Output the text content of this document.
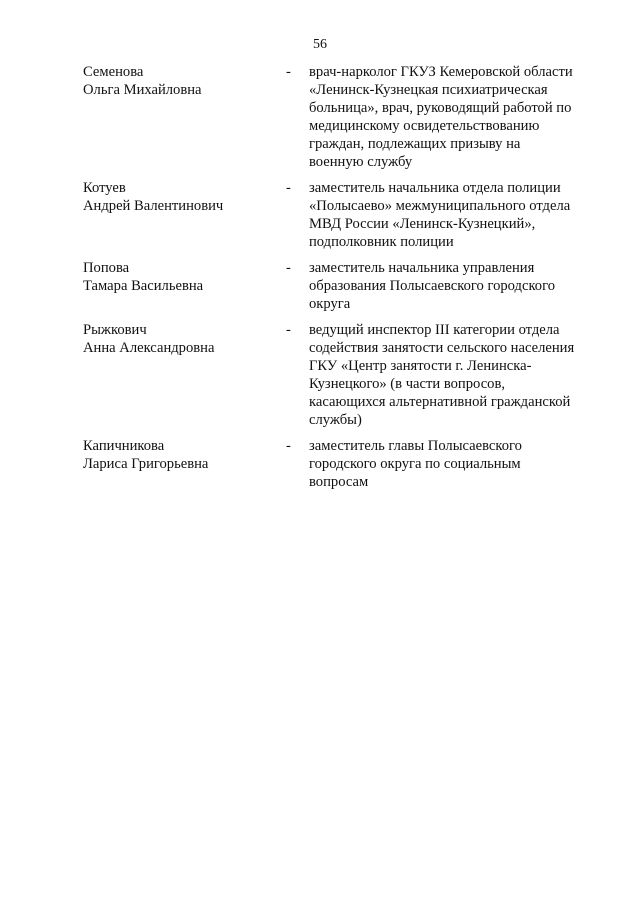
56
Семенова
Ольга Михайловна
-	врач-нарколог ГКУЗ Кемеровской области
«Ленинск-Кузнецкая психиатрическая
больница», врач, руководящий работой по
медицинскому освидетельствованию
граждан, подлежащих призыву на
военную службу
Котуев
Андрей Валентинович
-	заместитель начальника отдела полиции
«Полысаево» межмуниципального отдела
МВД России «Ленинск-Кузнецкий»,
подполковник полиции
Попова
Тамара Васильевна
-	заместитель начальника управления
образования Полысаевского городского
округа
Рыжкович
Анна Александровна
-	ведущий инспектор III категории отдела
содействия занятости сельского населения
ГКУ «Центр занятости г. Ленинска-
Кузнецкого» (в части вопросов,
касающихся альтернативной гражданской
службы)
Капичникова
Лариса Григорьевна
-	заместитель главы Полысаевского
городского округа по социальным
вопросам
